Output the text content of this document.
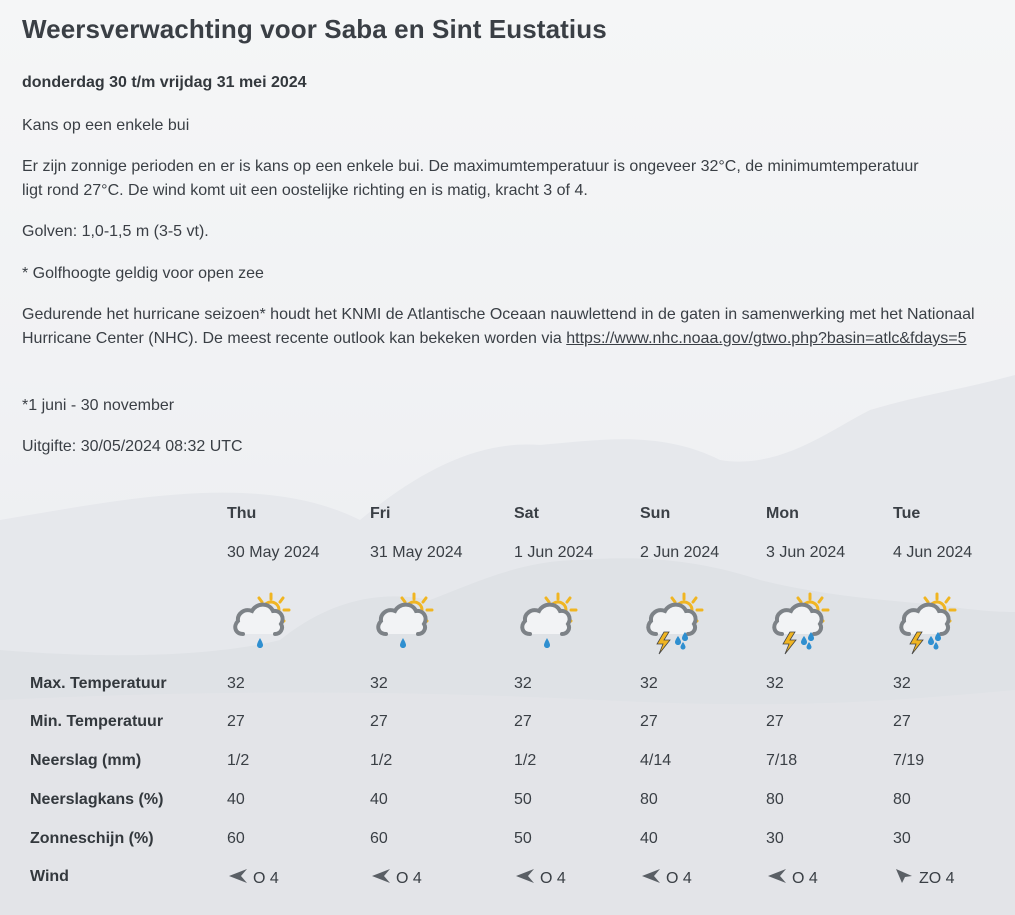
Weersverwachting voor Saba en Sint Eustatius
donderdag 30 t/m vrijdag 31 mei 2024

Kans op een enkele bui

Er zijn zonnige perioden en er is kans op een enkele bui. De maximumtemperatuur is ongeveer 32°C, de minimumtemperatuur ligt rond 27°C. De wind komt uit een oostelijke richting en is matig, kracht 3 of 4.

Golven: 1,0-1,5 m (3-5 vt).

* Golfhoogte geldig voor open zee

Gedurende het hurricane seizoen* houdt het KNMI de Atlantische Oceaan nauwlettend in de gaten in samenwerking met het Nationaal Hurricane Center (NHC). De meest recente outlook kan bekeken worden via https://www.nhc.noaa.gov/gtwo.php?basin=atlc&fdays=5

*1 juni - 30 november

Uitgifte: 30/05/2024 08:32 UTC

Max. Temperatuur
Min. Temperatuur
Neerslag (mm)
Neerslagkans (%)
Zonneschijn (%)
Wind
Thu
30 May 2024
32
27
1/2
40
60
O 4
Fri
31 May 2024
32
27
1/2
40
60
O 4
Sat
1 Jun 2024
32
27
1/2
50
50
O 4
Sun
2 Jun 2024
32
27
4/14
80
40
O 4
Mon
3 Jun 2024
32
27
7/18
80
30
O 4
Tue
4 Jun 2024
32
27
7/19
80
30
ZO 4
